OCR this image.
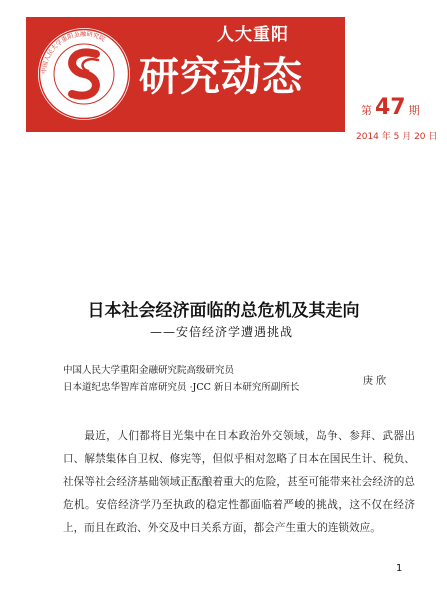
中国人民大学重阳金融研究院	人大重阳
研究动态
第 47 期
2014 年 5 月 20 日
日本社会经济面临的总危机及其走向
——安倍经济学遭遇挑战
中国人民大学重阳金融研究院高级研究员
日本道纪忠华智库首席研究员 ·JCC 新日本研究所副所长
庚 欣

最近，人们都将目光集中在日本政治外交领域，岛争、参拜、武器出口、解禁集体自卫权、修宪等，但似乎相对忽略了日本在国民生计、税负、社保等社会经济基础领域正酝酿着重大的危险，甚至可能带来社会经济的总危机。安倍经济学乃至执政的稳定性都面临着严峻的挑战，这不仅在经济上，而且在政治、外交及中日关系方面，都会产生重大的连锁效应。

1
